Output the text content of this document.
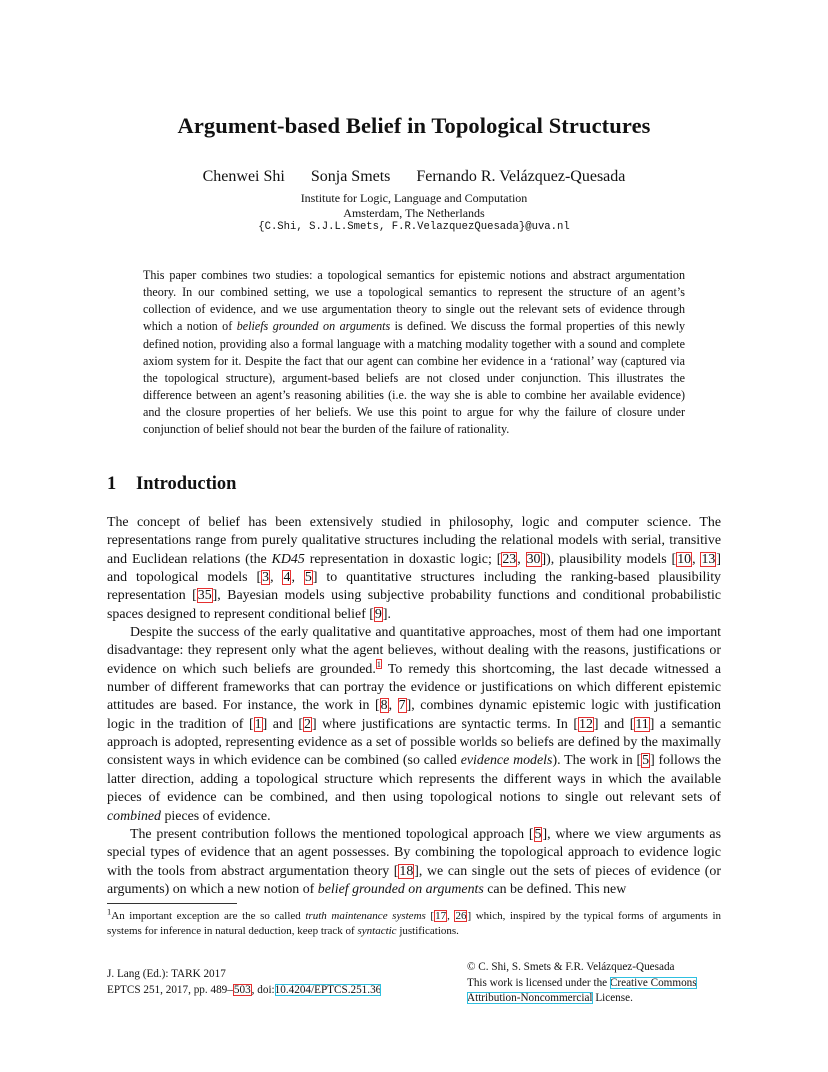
Argument-based Belief in Topological Structures
Chenwei Shi Sonja Smets Fernando R. Velázquez-Quesada
Institute for Logic, Language and Computation
Amsterdam, The Netherlands
{C.Shi, S.J.L.Smets, F.R.VelazquezQuesada}@uva.nl
This paper combines two studies: a topological semantics for epistemic notions and abstract argumentation theory. In our combined setting, we use a topological semantics to represent the structure of an agent’s collection of evidence, and we use argumentation theory to single out the relevant sets of evidence through which a notion of beliefs grounded on arguments is defined. We discuss the formal properties of this newly defined notion, providing also a formal language with a matching modality together with a sound and complete axiom system for it. Despite the fact that our agent can combine her evidence in a ‘rational’ way (captured via the topological structure), argument-based beliefs are not closed under conjunction. This illustrates the difference between an agent’s reasoning abilities (i.e. the way she is able to combine her available evidence) and the closure properties of her beliefs. We use this point to argue for why the failure of closure under conjunction of belief should not bear the burden of the failure of rationality.
1 Introduction

The concept of belief has been extensively studied in philosophy, logic and computer science. The representations range from purely qualitative structures including the relational models with serial, transitive and Euclidean relations (the KD45 representation in doxastic logic; [23, 30]), plausibility models [10, 13] and topological models [3, 4, 5] to quantitative structures including the ranking-based plausibility representation [35], Bayesian models using subjective probability functions and conditional probabilistic spaces designed to represent conditional belief [9].

Despite the success of the early qualitative and quantitative approaches, most of them had one important disadvantage: they represent only what the agent believes, without dealing with the reasons, justifications or evidence on which such beliefs are grounded.$^1$ To remedy this shortcoming, the last decade witnessed a number of different frameworks that can portray the evidence or justifications on which different epistemic attitudes are based. For instance, the work in [8, 7], combines dynamic epistemic logic with justification logic in the tradition of [1] and [2] where justifications are syntactic terms. In [12] and [11] a semantic approach is adopted, representing evidence as a set of possible worlds so beliefs are defined by the maximally consistent ways in which evidence can be combined (so called evidence models). The work in [5] follows the latter direction, adding a topological structure which represents the different ways in which the available pieces of evidence can be combined, and then using topological notions to single out relevant sets of combined pieces of evidence.

The present contribution follows the mentioned topological approach [5], where we view arguments as special types of evidence that an agent possesses. By combining the topological approach to evidence logic with the tools from abstract argumentation theory [18], we can single out the sets of pieces of evidence (or arguments) on which a new notion of belief grounded on arguments can be defined. This new

$^1$An important exception are the so called truth maintenance systems [17, 26] which, inspired by the typical forms of arguments in systems for inference in natural deduction, keep track of syntactic justifications.
J. Lang (Ed.): TARK 2017
EPTCS 251, 2017, pp. 489–503, doi:10.4204/EPTCS.251.36
© C. Shi, S. Smets & F.R. Velázquez-Quesada
This work is licensed under the Creative Commons
Attribution-Noncommercial License.
